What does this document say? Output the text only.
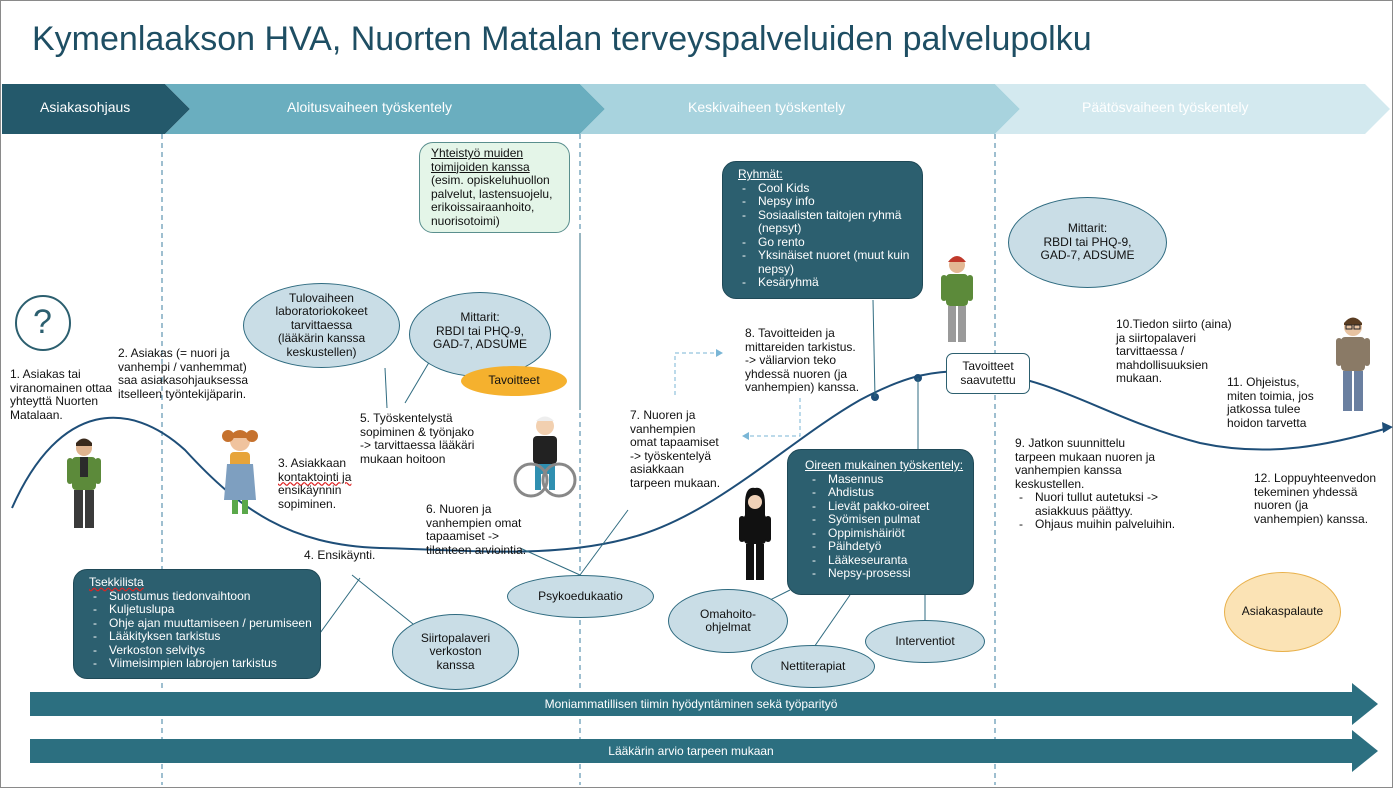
Kymenlaakson HVA, Nuorten Matalan terveyspalveluiden palvelupolku
Asiakasohjaus	Aloitusvaiheen työskentely	Keskivaiheen työskentely	Päätösvaiheen työskentely
?
1. Asiakas tai
viranomainen ottaa
yhteyttä Nuorten
Matalaan.
2. Asiakas (= nuori ja
vanhempi / vanhemmat)
saa asiakasohjauksessa
itselleen työntekijäparin.
3. Asiakkaan
kontaktointi ja
ensikäynnin
sopiminen.
4. Ensikäynti.
5. Työskentelystä
sopiminen & työnjako
-> tarvittaessa lääkäri
mukaan hoitoon
6. Nuoren ja
vanhempien omat
tapaamiset ->
tilanteen arviointia.
7. Nuoren ja
vanhempien
omat tapaamiset
-> työskentelyä
asiakkaan
tarpeen mukaan.
8. Tavoitteiden ja
mittareiden tarkistus.
-> väliarvion teko
yhdessä nuoren (ja
vanhempien) kanssa.
9. Jatkon suunnittelu
tarpeen mukaan nuoren ja
vanhempien kanssa
keskustellen.
- Nuori tullut autetuksi -> asiakkuus päättyy.
- Ohjaus muihin palveluihin.
10.Tiedon siirto (aina)
ja siirtopalaveri
tarvittaessa /
mahdollisuuksien
mukaan.	11. Ohjeistus,
miten toimia, jos
jatkossa tulee
hoidon tarvetta
12. Loppuyhteenvedon
tekeminen yhdessä
nuoren (ja
vanhempien) kanssa.
Yhteistyö muiden toimijoiden kanssa
(esim. opiskeluhuollon
palvelut, lastensuojelu,
erikoissairaanhoito,
nuorisotoimi)
Ryhmät:
- Cool Kids
- Nepsy info
- Sosiaalisten taitojen ryhmä (nepsyt)
- Go rento
- Yksinäiset nuoret (muut kuin nepsy)
- Kesäryhmä
Oireen mukainen työskentely:
- Masennus
- Ahdistus
- Lievät pakko-oireet
- Syömisen pulmat
- Oppimishäiriöt
- Päihdetyö
- Lääkeseuranta
- Nepsy-prosessi
Tsekkilista
- Suostumus tiedonvaihtoon
- Kuljetuslupa
- Ohje ajan muuttamiseen / perumiseen
- Lääkityksen tarkistus
- Verkoston selvitys
- Viimeisimpien labrojen tarkistus
Tavoitteet
saavutettu
Tulovaiheen
laboratoriokokeet
tarvittaessa
(lääkärin kanssa
keskustellen)
Mittarit:
RBDI tai PHQ-9,
GAD-7, ADSUME
Tavoitteet
Mittarit:
RBDI tai PHQ-9,
GAD-7, ADSUME
Psykoedukaatio
Siirtopalaveri
verkoston
kanssa
Omahoito-
ohjelmat
Nettiterapiat
Interventiot
Asiakaspalaute
Moniammatillisen tiimin hyödyntäminen sekä työparityö
Lääkärin arvio tarpeen mukaan
